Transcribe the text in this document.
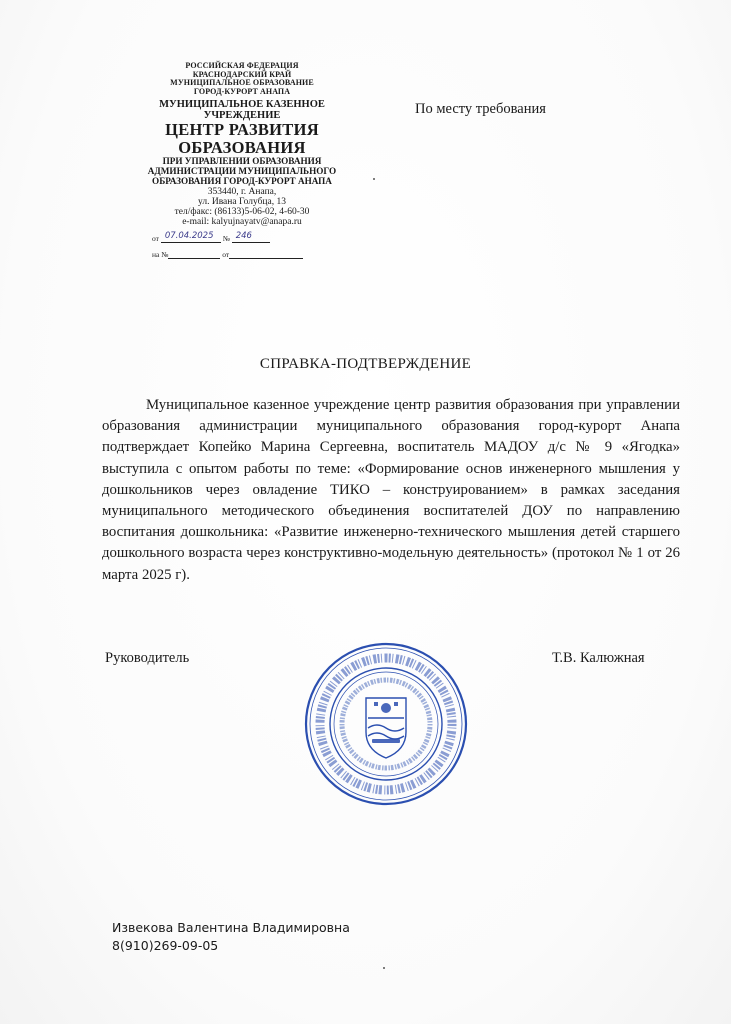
РОССИЙСКАЯ ФЕДЕРАЦИЯ
КРАСНОДАРСКИЙ КРАЙ
МУНИЦИПАЛЬНОЕ ОБРАЗОВАНИЕ
ГОРОД-КУРОРТ АНАПА
МУНИЦИПАЛЬНОЕ КАЗЕННОЕ
УЧРЕЖДЕНИЕ
ЦЕНТР РАЗВИТИЯ
ОБРАЗОВАНИЯ
ПРИ УПРАВЛЕНИИ ОБРАЗОВАНИЯ
АДМИНИСТРАЦИИ МУНИЦИПАЛЬНОГО
ОБРАЗОВАНИЯ ГОРОД-КУРОРТ АНАПА
353440, г. Анапа,
ул. Ивана Голубца, 13
тел/факс: (86133)5-06-02, 4-60-30
e-mail: kalyujnayatv@anapa.ru
от 07.04.2025 № 246
на №	от
По месту требования
СПРАВКА-ПОДТВЕРЖДЕНИЕ
Муниципальное казенное учреждение центр развития образования при управлении образования администрации муниципального образования город-курорт Анапа подтверждает Копейко Марина Сергеевна, воспитатель МАДОУ д/с № 9 «Ягодка» выступила с опытом работы по теме: «Формирование основ инженерного мышления у дошкольников через овладение ТИКО – конструированием» в рамках заседания муниципального методического объединения воспитателей ДОУ по направлению воспитания дошкольника: «Развитие инженерно-технического мышления детей старшего дошкольного возраста через конструктивно-модельную деятельность» (протокол № 1 от 26 марта 2025 г).
Руководитель	Т.В. Калюжная
Извекова Валентина Владимировна
8(910)269-09-05
